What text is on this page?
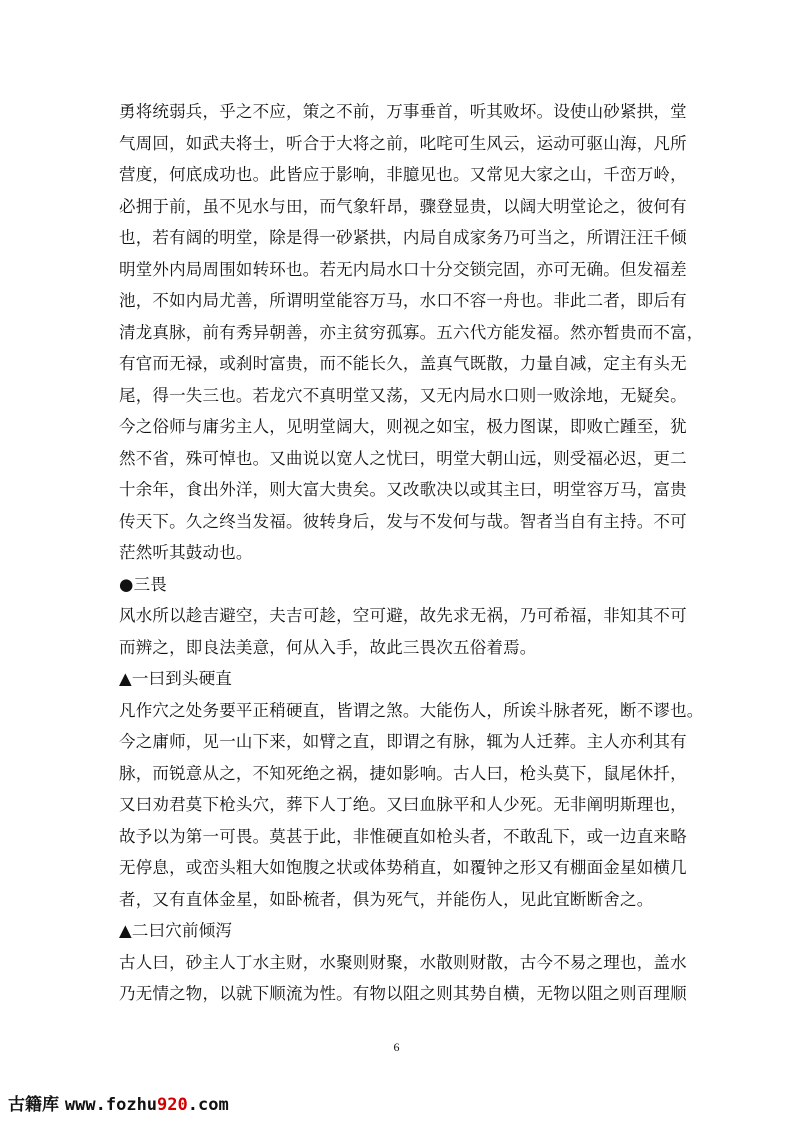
勇将统弱兵，乎之不应，策之不前，万事垂首，听其败坏。设使山砂紧拱，堂
气周回，如武夫将士，听合于大将之前，叱咤可生风云，运动可驱山海，凡所
营度，何底成功也。此皆应于影响，非臆见也。又常见大家之山，千峦万岭，
必拥于前，虽不见水与田，而气象轩昂，骤登显贵，以阔大明堂论之，彼何有
也，若有阔的明堂，除是得一砂紧拱，内局自成家务乃可当之，所谓汪汪千倾
明堂外内局周围如转环也。若无内局水口十分交锁完固，亦可无确。但发福差
池，不如内局尤善，所谓明堂能容万马，水口不容一舟也。非此二者，即后有
清龙真脉，前有秀异朝善，亦主贫穷孤寡。五六代方能发福。然亦暂贵而不富，
有官而无禄，或刹时富贵，而不能长久，盖真气既散，力量自减，定主有头无
尾，得一失三也。若龙穴不真明堂又荡，又无内局水口则一败涂地，无疑矣。
今之俗师与庸劣主人，见明堂阔大，则视之如宝，极力图谋，即败亡踵至，犹
然不省，殊可悼也。又曲说以宽人之忧曰，明堂大朝山远，则受福必迟，更二
十余年，食出外洋，则大富大贵矣。又改歌决以或其主曰，明堂容万马，富贵
传天下。久之终当发福。彼转身后，发与不发何与哉。智者当自有主持。不可
茫然听其鼓动也。
●三畏
风水所以趁吉避空，夫吉可趁，空可避，故先求无祸，乃可希福，非知其不可
而辨之，即良法美意，何从入手，故此三畏次五俗着焉。
▲一曰到头硬直
凡作穴之处务要平正稍硬直，皆谓之煞。大能伤人，所诶斗脉者死，断不谬也。
今之庸师，见一山下来，如臂之直，即谓之有脉，辄为人迁葬。主人亦利其有
脉，而锐意从之，不知死绝之祸，捷如影响。古人曰，枪头莫下，鼠尾休扦，
又曰劝君莫下枪头穴，葬下人丁绝。又曰血脉平和人少死。无非阐明斯理也，
故予以为第一可畏。莫甚于此，非惟硬直如枪头者，不敢乱下，或一边直来略
无停息，或峦头粗大如饱腹之状或体势稍直，如覆钟之形又有棚面金星如横几
者，又有直体金星，如卧梳者，俱为死气，并能伤人，见此宜断断舍之。
▲二曰穴前倾泻
古人曰，砂主人丁水主财，水聚则财聚，水散则财散，古今不易之理也，盖水
乃无情之物，以就下顺流为性。有物以阻之则其势自横，无物以阻之则百理顺
6
古籍库 www.fozhu920.com
